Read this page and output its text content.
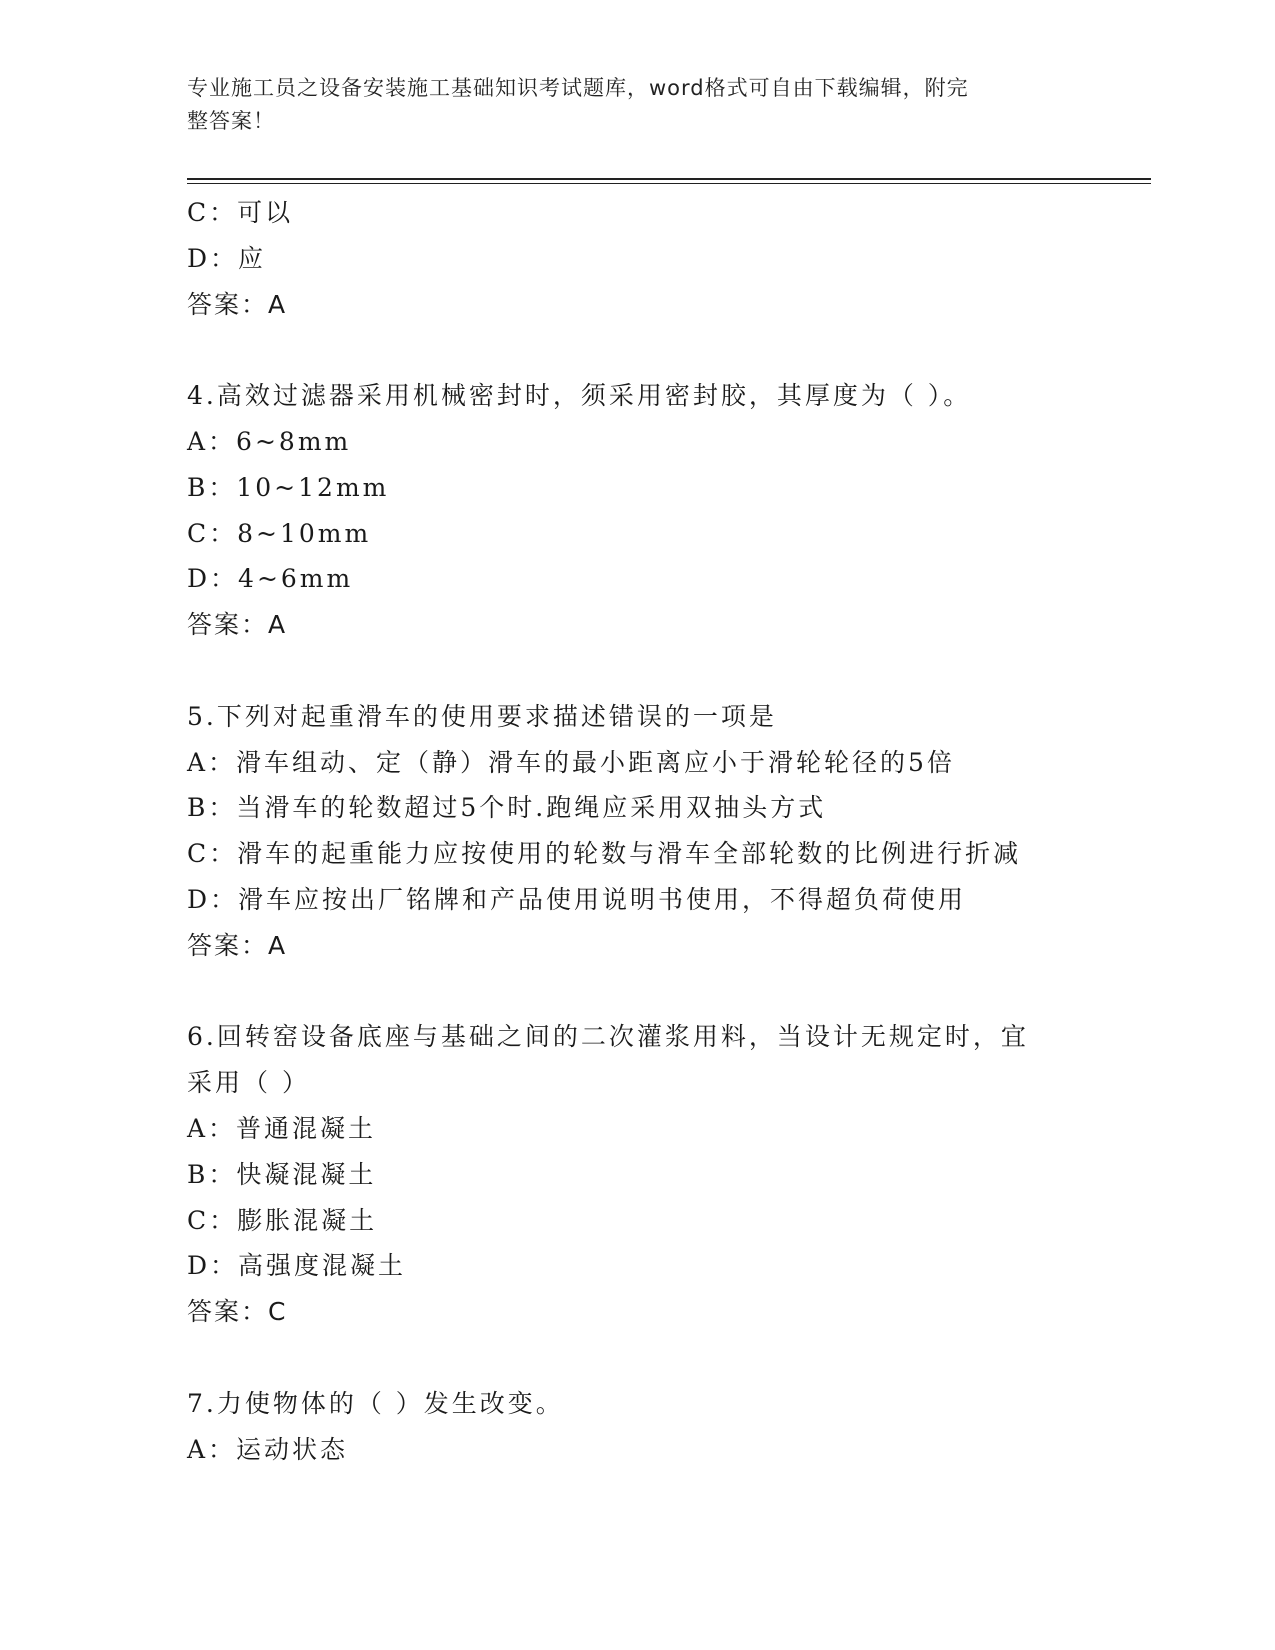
专业施工员之设备安装施工基础知识考试题库，word格式可自由下载编辑，附完
整答案！
C：可以
D：应
答案：A
4.高效过滤器采用机械密封时，须采用密封胶，其厚度为（ ）。
A：6~8mm
B：10~12mm
C：8~10mm
D：4~6mm
答案：A
5.下列对起重滑车的使用要求描述错误的一项是
A：滑车组动、定（静）滑车的最小距离应小于滑轮轮径的5倍
B：当滑车的轮数超过5个时.跑绳应采用双抽头方式
C：滑车的起重能力应按使用的轮数与滑车全部轮数的比例进行折减
D：滑车应按出厂铭牌和产品使用说明书使用，不得超负荷使用
答案：A
6.回转窑设备底座与基础之间的二次灌浆用料，当设计无规定时，宜
采用（ ）
A：普通混凝土
B：快凝混凝土
C：膨胀混凝土
D：高强度混凝土
答案：C
7.力使物体的（ ）发生改变。
A：运动状态
